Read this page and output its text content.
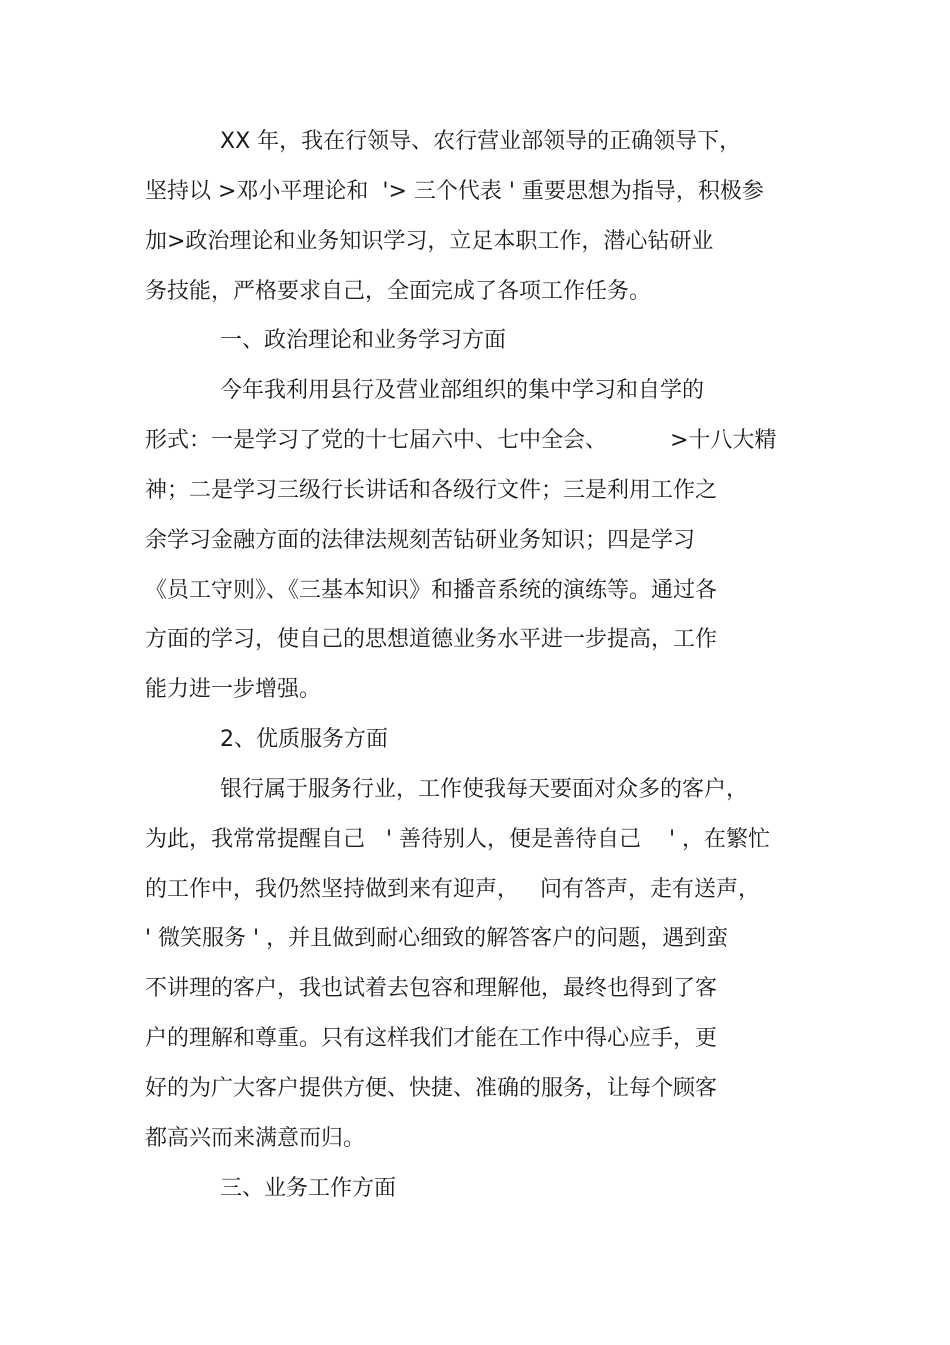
XX 年，我在行领导、农行营业部领导的正确领导下，
坚持以 >邓小平理论和  '> 三个代表 ' 重要思想为指导，积极参
加>政治理论和业务知识学习，立足本职工作，潜心钻研业
务技能，严格要求自己，全面完成了各项工作任务。
一、政治理论和业务学习方面
今年我利用县行及营业部组织的集中学习和自学的
形式：一是学习了党的十七届六中、七中全会、         >十八大精
神；二是学习三级行长讲话和各级行文件；三是利用工作之
余学习金融方面的法律法规刻苦钻研业务知识；四是学习
《员工守则》、《三基本知识》和播音系统的演练等。通过各
方面的学习，使自己的思想道德业务水平进一步提高，工作
能力进一步增强。
2、优质服务方面
银行属于服务行业，工作使我每天要面对众多的客户，
为此，我常常提醒自己   ' 善待别人，便是善待自己    ' ，在繁忙
的工作中，我仍然坚持做到来有迎声，   问有答声，走有送声，
' 微笑服务 ' ，并且做到耐心细致的解答客户的问题，遇到蛮
不讲理的客户，我也试着去包容和理解他，最终也得到了客
户的理解和尊重。只有这样我们才能在工作中得心应手，更
好的为广大客户提供方便、快捷、准确的服务，让每个顾客
都高兴而来满意而归。
三、业务工作方面
